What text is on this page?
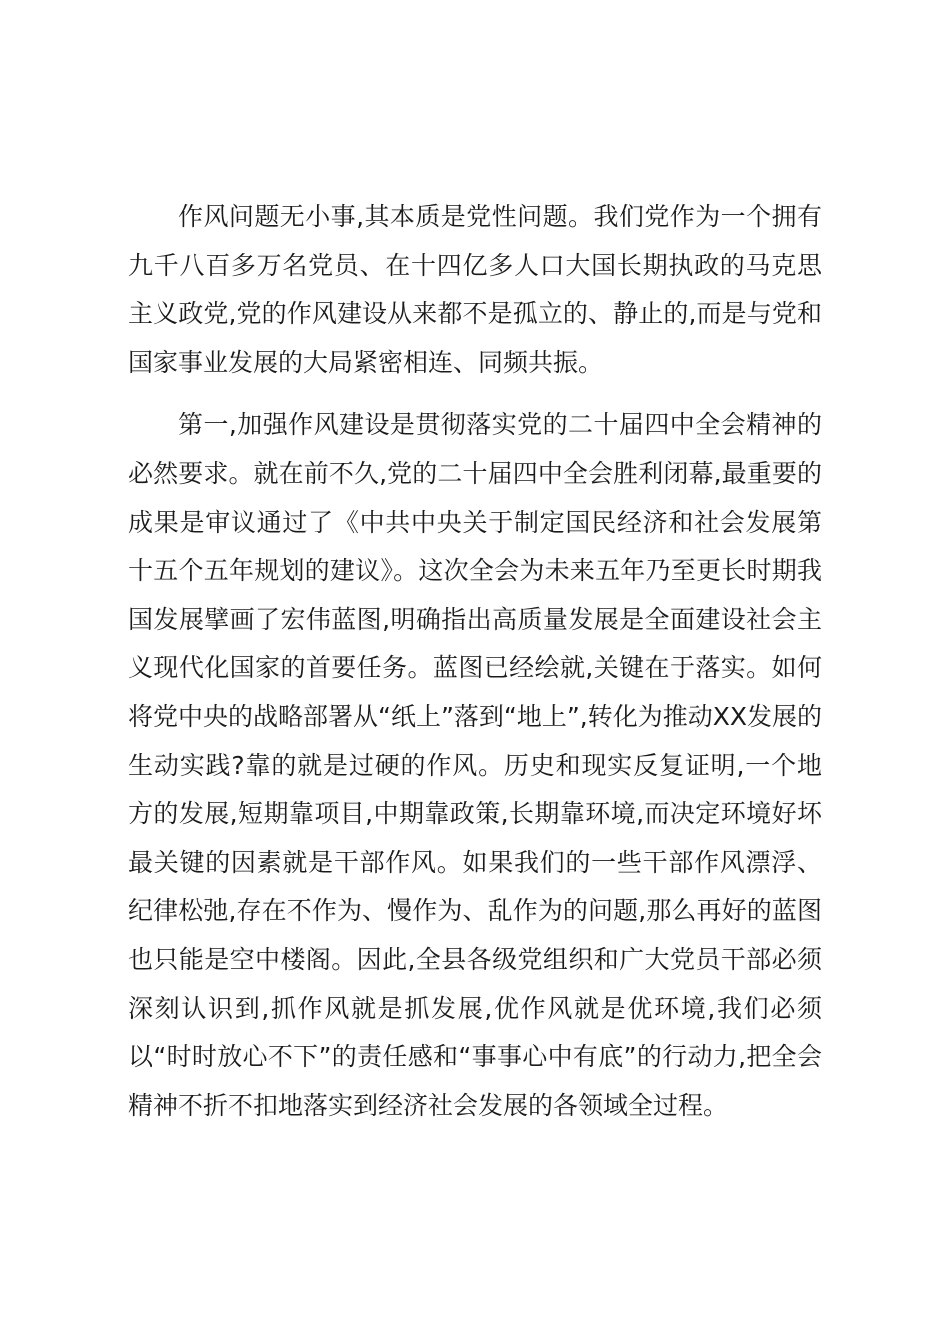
作风问题无小事,其本质是党性问题。我们党作为一个拥有九千八百多万名党员、在十四亿多人口大国长期执政的马克思主义政党,党的作风建设从来都不是孤立的、静止的,而是与党和国家事业发展的大局紧密相连、同频共振。

第一,加强作风建设是贯彻落实党的二十届四中全会精神的必然要求。就在前不久,党的二十届四中全会胜利闭幕,最重要的成果是审议通过了《中共中央关于制定国民经济和社会发展第十五个五年规划的建议》。这次全会为未来五年乃至更长时期我国发展擘画了宏伟蓝图,明确指出高质量发展是全面建设社会主义现代化国家的首要任务。蓝图已经绘就,关键在于落实。如何将党中央的战略部署从“纸上”落到“地上”,转化为推动XX发展的生动实践?靠的就是过硬的作风。历史和现实反复证明,一个地方的发展,短期靠项目,中期靠政策,长期靠环境,而决定环境好坏最关键的因素就是干部作风。如果我们的一些干部作风漂浮、纪律松弛,存在不作为、慢作为、乱作为的问题,那么再好的蓝图也只能是空中楼阁。因此,全县各级党组织和广大党员干部必须深刻认识到,抓作风就是抓发展,优作风就是优环境,我们必须以“时时放心不下”的责任感和“事事心中有底”的行动力,把全会精神不折不扣地落实到经济社会发展的各领域全过程。
